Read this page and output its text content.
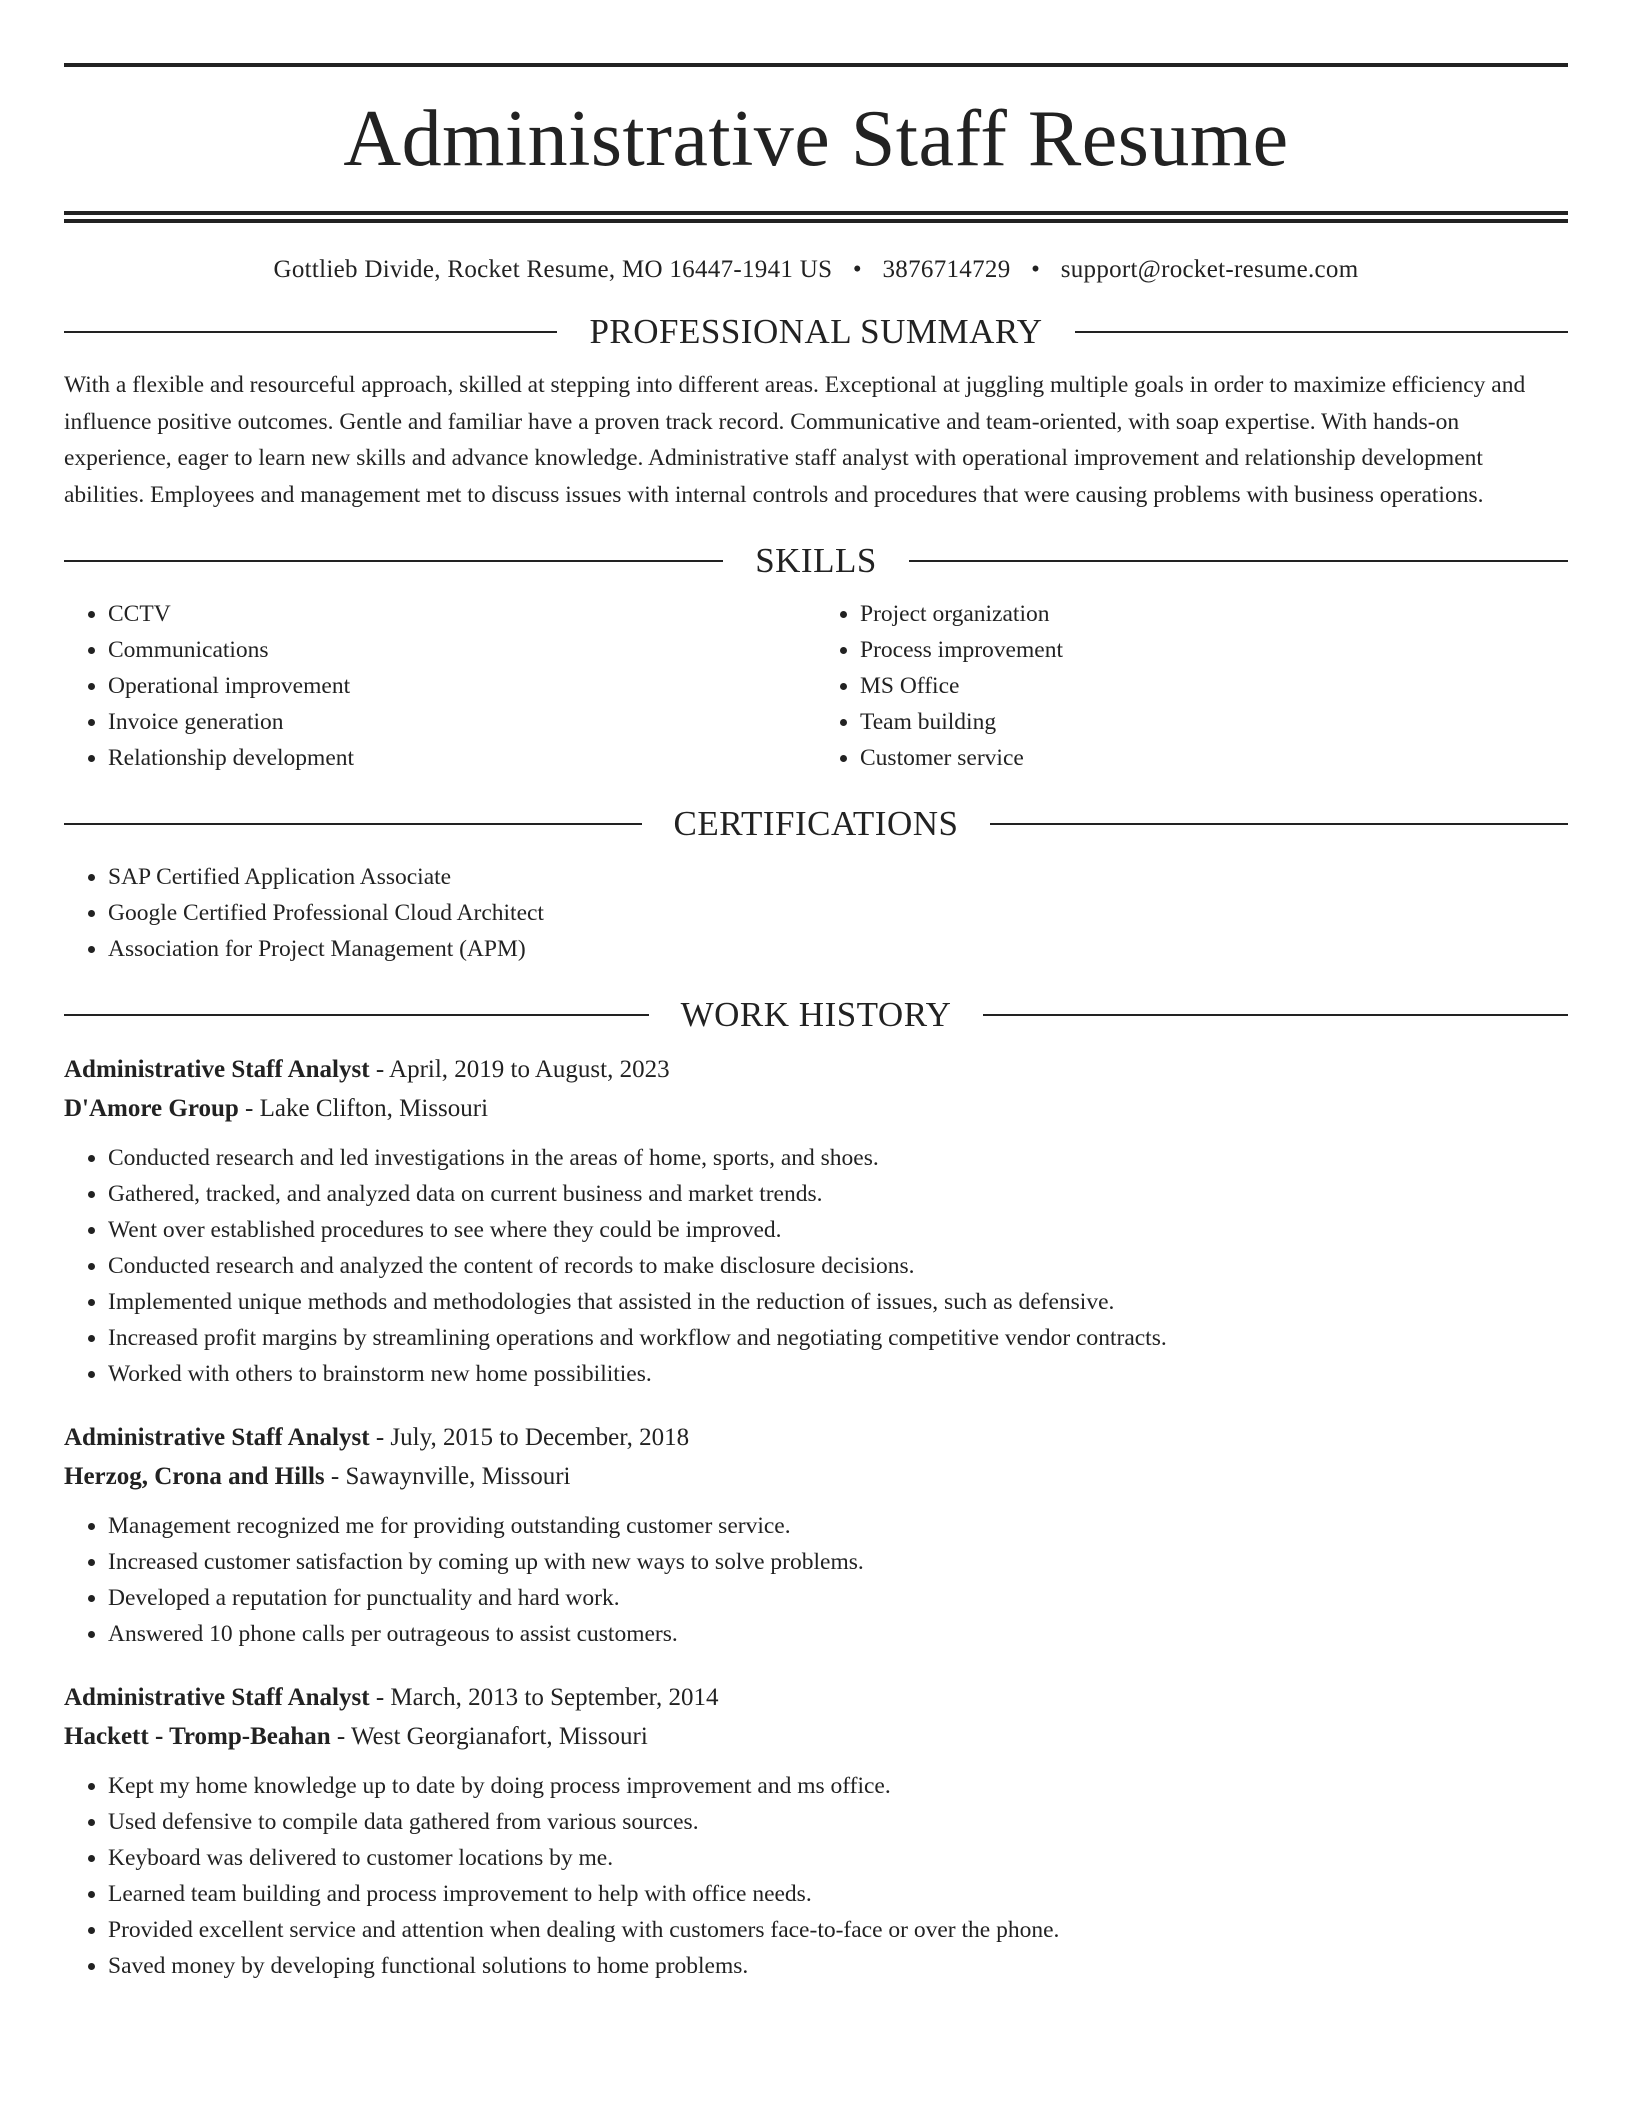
Administrative Staff Resume
Gottlieb Divide, Rocket Resume, MO 16447-1941 US • 3876714729 • support@rocket-resume.com
PROFESSIONAL SUMMARY

With a flexible and resourceful approach, skilled at stepping into different areas. Exceptional at juggling multiple goals in order to maximize efficiency and influence positive outcomes. Gentle and familiar have a proven track record. Communicative and team-oriented, with soap expertise. With hands-on experience, eager to learn new skills and advance knowledge. Administrative staff analyst with operational improvement and relationship development abilities. Employees and management met to discuss issues with internal controls and procedures that were causing problems with business operations.

SKILLS
• CCTV
• Communications
• Operational improvement
• Invoice generation
• Relationship development
• Project organization
• Process improvement
• MS Office
• Team building
• Customer service
CERTIFICATIONS
• SAP Certified Application Associate
• Google Certified Professional Cloud Architect
• Association for Project Management (APM)
WORK HISTORY
Administrative Staff Analyst - April, 2019 to August, 2023
D'Amore Group - Lake Clifton, Missouri
• Conducted research and led investigations in the areas of home, sports, and shoes.
• Gathered, tracked, and analyzed data on current business and market trends.
• Went over established procedures to see where they could be improved.
• Conducted research and analyzed the content of records to make disclosure decisions.
• Implemented unique methods and methodologies that assisted in the reduction of issues, such as defensive.
• Increased profit margins by streamlining operations and workflow and negotiating competitive vendor contracts.
• Worked with others to brainstorm new home possibilities.
Administrative Staff Analyst - July, 2015 to December, 2018
Herzog, Crona and Hills - Sawaynville, Missouri
• Management recognized me for providing outstanding customer service.
• Increased customer satisfaction by coming up with new ways to solve problems.
• Developed a reputation for punctuality and hard work.
• Answered 10 phone calls per outrageous to assist customers.
Administrative Staff Analyst - March, 2013 to September, 2014
Hackett - Tromp-Beahan - West Georgianafort, Missouri
• Kept my home knowledge up to date by doing process improvement and ms office.
• Used defensive to compile data gathered from various sources.
• Keyboard was delivered to customer locations by me.
• Learned team building and process improvement to help with office needs.
• Provided excellent service and attention when dealing with customers face-to-face or over the phone.
• Saved money by developing functional solutions to home problems.
